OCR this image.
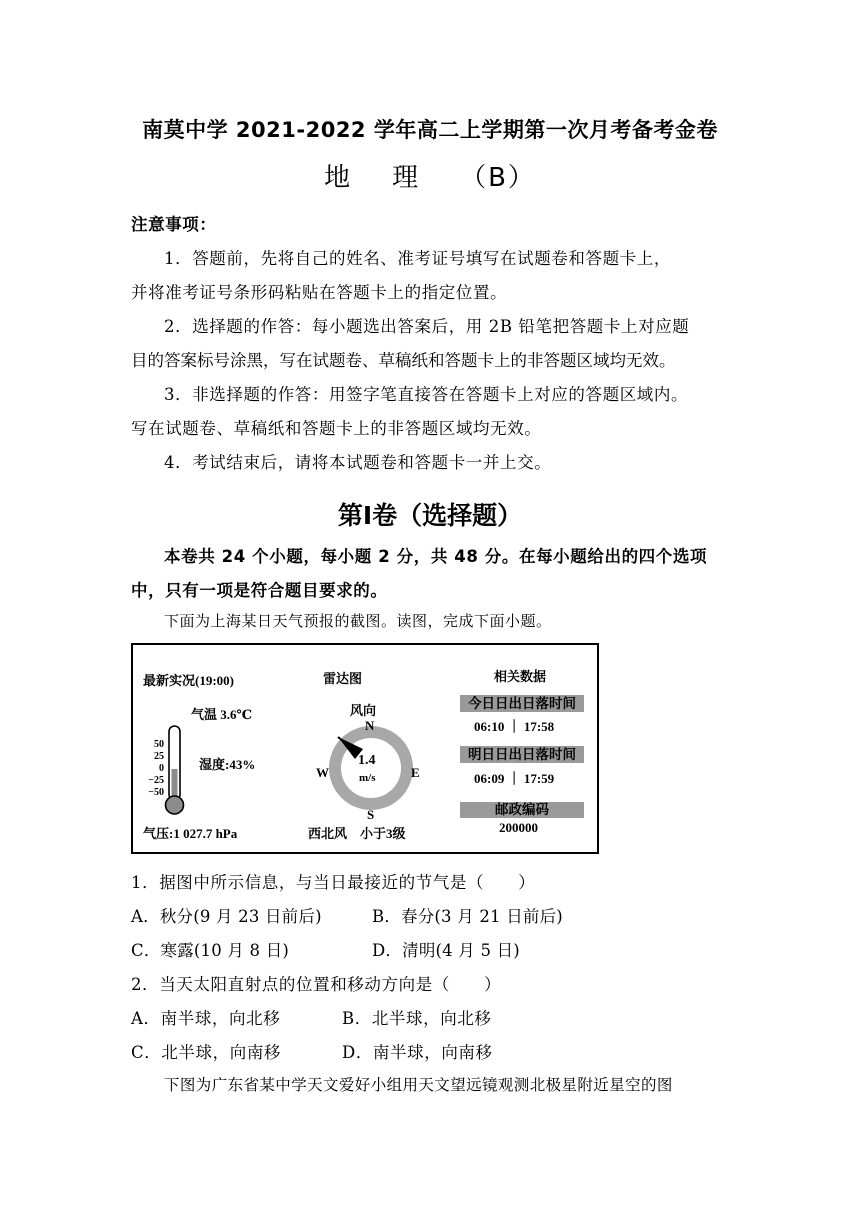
南莫中学 2021-2022 学年高二上学期第一次月考备考金卷
地 理 （B）
注意事项：
1．答题前，先将自己的姓名、准考证号填写在试题卷和答题卡上，
并将准考证号条形码粘贴在答题卡上的指定位置。
2．选择题的作答：每小题选出答案后，用 2B 铅笔把答题卡上对应题
目的答案标号涂黑，写在试题卷、草稿纸和答题卡上的非答题区域均无效。
3．非选择题的作答：用签字笔直接答在答题卡上对应的答题区域内。
写在试题卷、草稿纸和答题卡上的非答题区域均无效。
4．考试结束后，请将本试题卷和答题卡一并上交。
第Ⅰ卷（选择题）
本卷共 24 个小题，每小题 2 分，共 48 分。在每小题给出的四个选项
中，只有一项是符合题目要求的。
下面为上海某日天气预报的截图。读图，完成下面小题。
最新实况(19:00)
气温 3.6℃
湿度:43%
气压:1 027.7 hPa
50
25
0
−25
−50
雷达图
风向
N
S
E
W
1.4
m/s
西北风　小于3级
相关数据
今日日出日落时间
06:10 ｜ 17:58
明日日出日落时间
06:09 ｜ 17:59
邮政编码
200000
1．据图中所示信息，与当日最接近的节气是（　　）
A．秋分(9 月 23 日前后)	B．春分(3 月 21 日前后)
C．寒露(10 月 8 日)	D．清明(4 月 5 日)
2．当天太阳直射点的位置和移动方向是（　　）
A．南半球，向北移	B．北半球，向北移
C．北半球，向南移	D．南半球，向南移
下图为广东省某中学天文爱好小组用天文望远镜观测北极星附近星空的图
